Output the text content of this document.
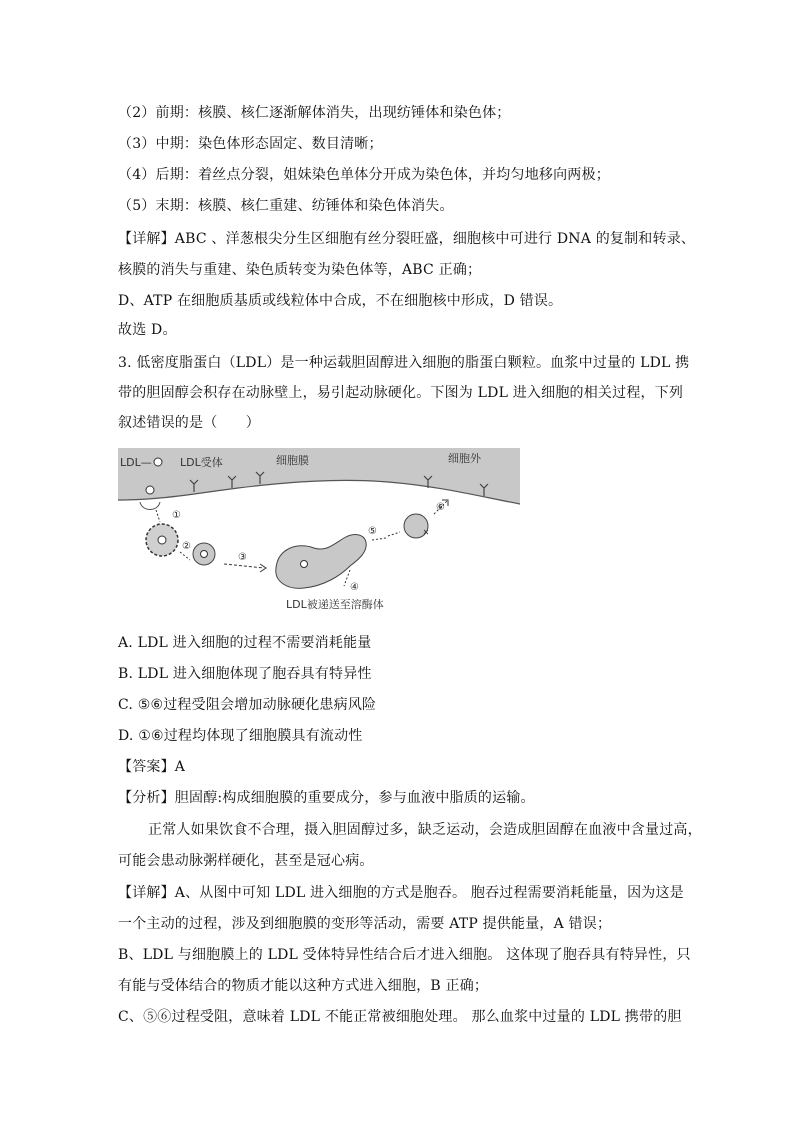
（2）前期：核膜、核仁逐渐解体消失，出现纺锤体和染色体；
（3）中期：染色体形态固定、数目清晰；
（4）后期：着丝点分裂，姐妹染色单体分开成为染色体，并均匀地移向两极；
（5）末期：核膜、核仁重建、纺锤体和染色体消失。
【详解】ABC 、洋葱根尖分生区细胞有丝分裂旺盛，细胞核中可进行 DNA 的复制和转录、
核膜的消失与重建、染色质转变为染色体等，ABC 正确；
D、ATP 在细胞质基质或线粒体中合成，不在细胞核中形成，D 错误。
故选 D。
3. 低密度脂蛋白（LDL）是一种运载胆固醇进入细胞的脂蛋白颗粒。血浆中过量的 LDL 携
带的胆固醇会积存在动脉壁上，易引起动脉硬化。下图为 LDL 进入细胞的相关过程，下列
叙述错误的是（　　）
LDL—	LDL受体	细胞膜	细胞外
①
②
③
④
LDL被递送至溶酶体
⑤
⑥
A. LDL 进入细胞的过程不需要消耗能量
B. LDL 进入细胞体现了胞吞具有特异性
C. ⑤⑥过程受阻会增加动脉硬化患病风险
D. ①⑥过程均体现了细胞膜具有流动性
【答案】A
【分析】胆固醇:构成细胞膜的重要成分，参与血液中脂质的运输。
正常人如果饮食不合理，摄入胆固醇过多，缺乏运动，会造成胆固醇在血液中含量过高，
可能会患动脉粥样硬化，甚至是冠心病。
【详解】A、从图中可知 LDL 进入细胞的方式是胞吞。 胞吞过程需要消耗能量，因为这是
一个主动的过程，涉及到细胞膜的变形等活动，需要 ATP 提供能量，A 错误；
B、LDL 与细胞膜上的 LDL 受体特异性结合后才进入细胞。 这体现了胞吞具有特异性，只
有能与受体结合的物质才能以这种方式进入细胞，B 正确；
C、⑤⑥过程受阻，意味着 LDL 不能正常被细胞处理。 那么血浆中过量的 LDL 携带的胆
